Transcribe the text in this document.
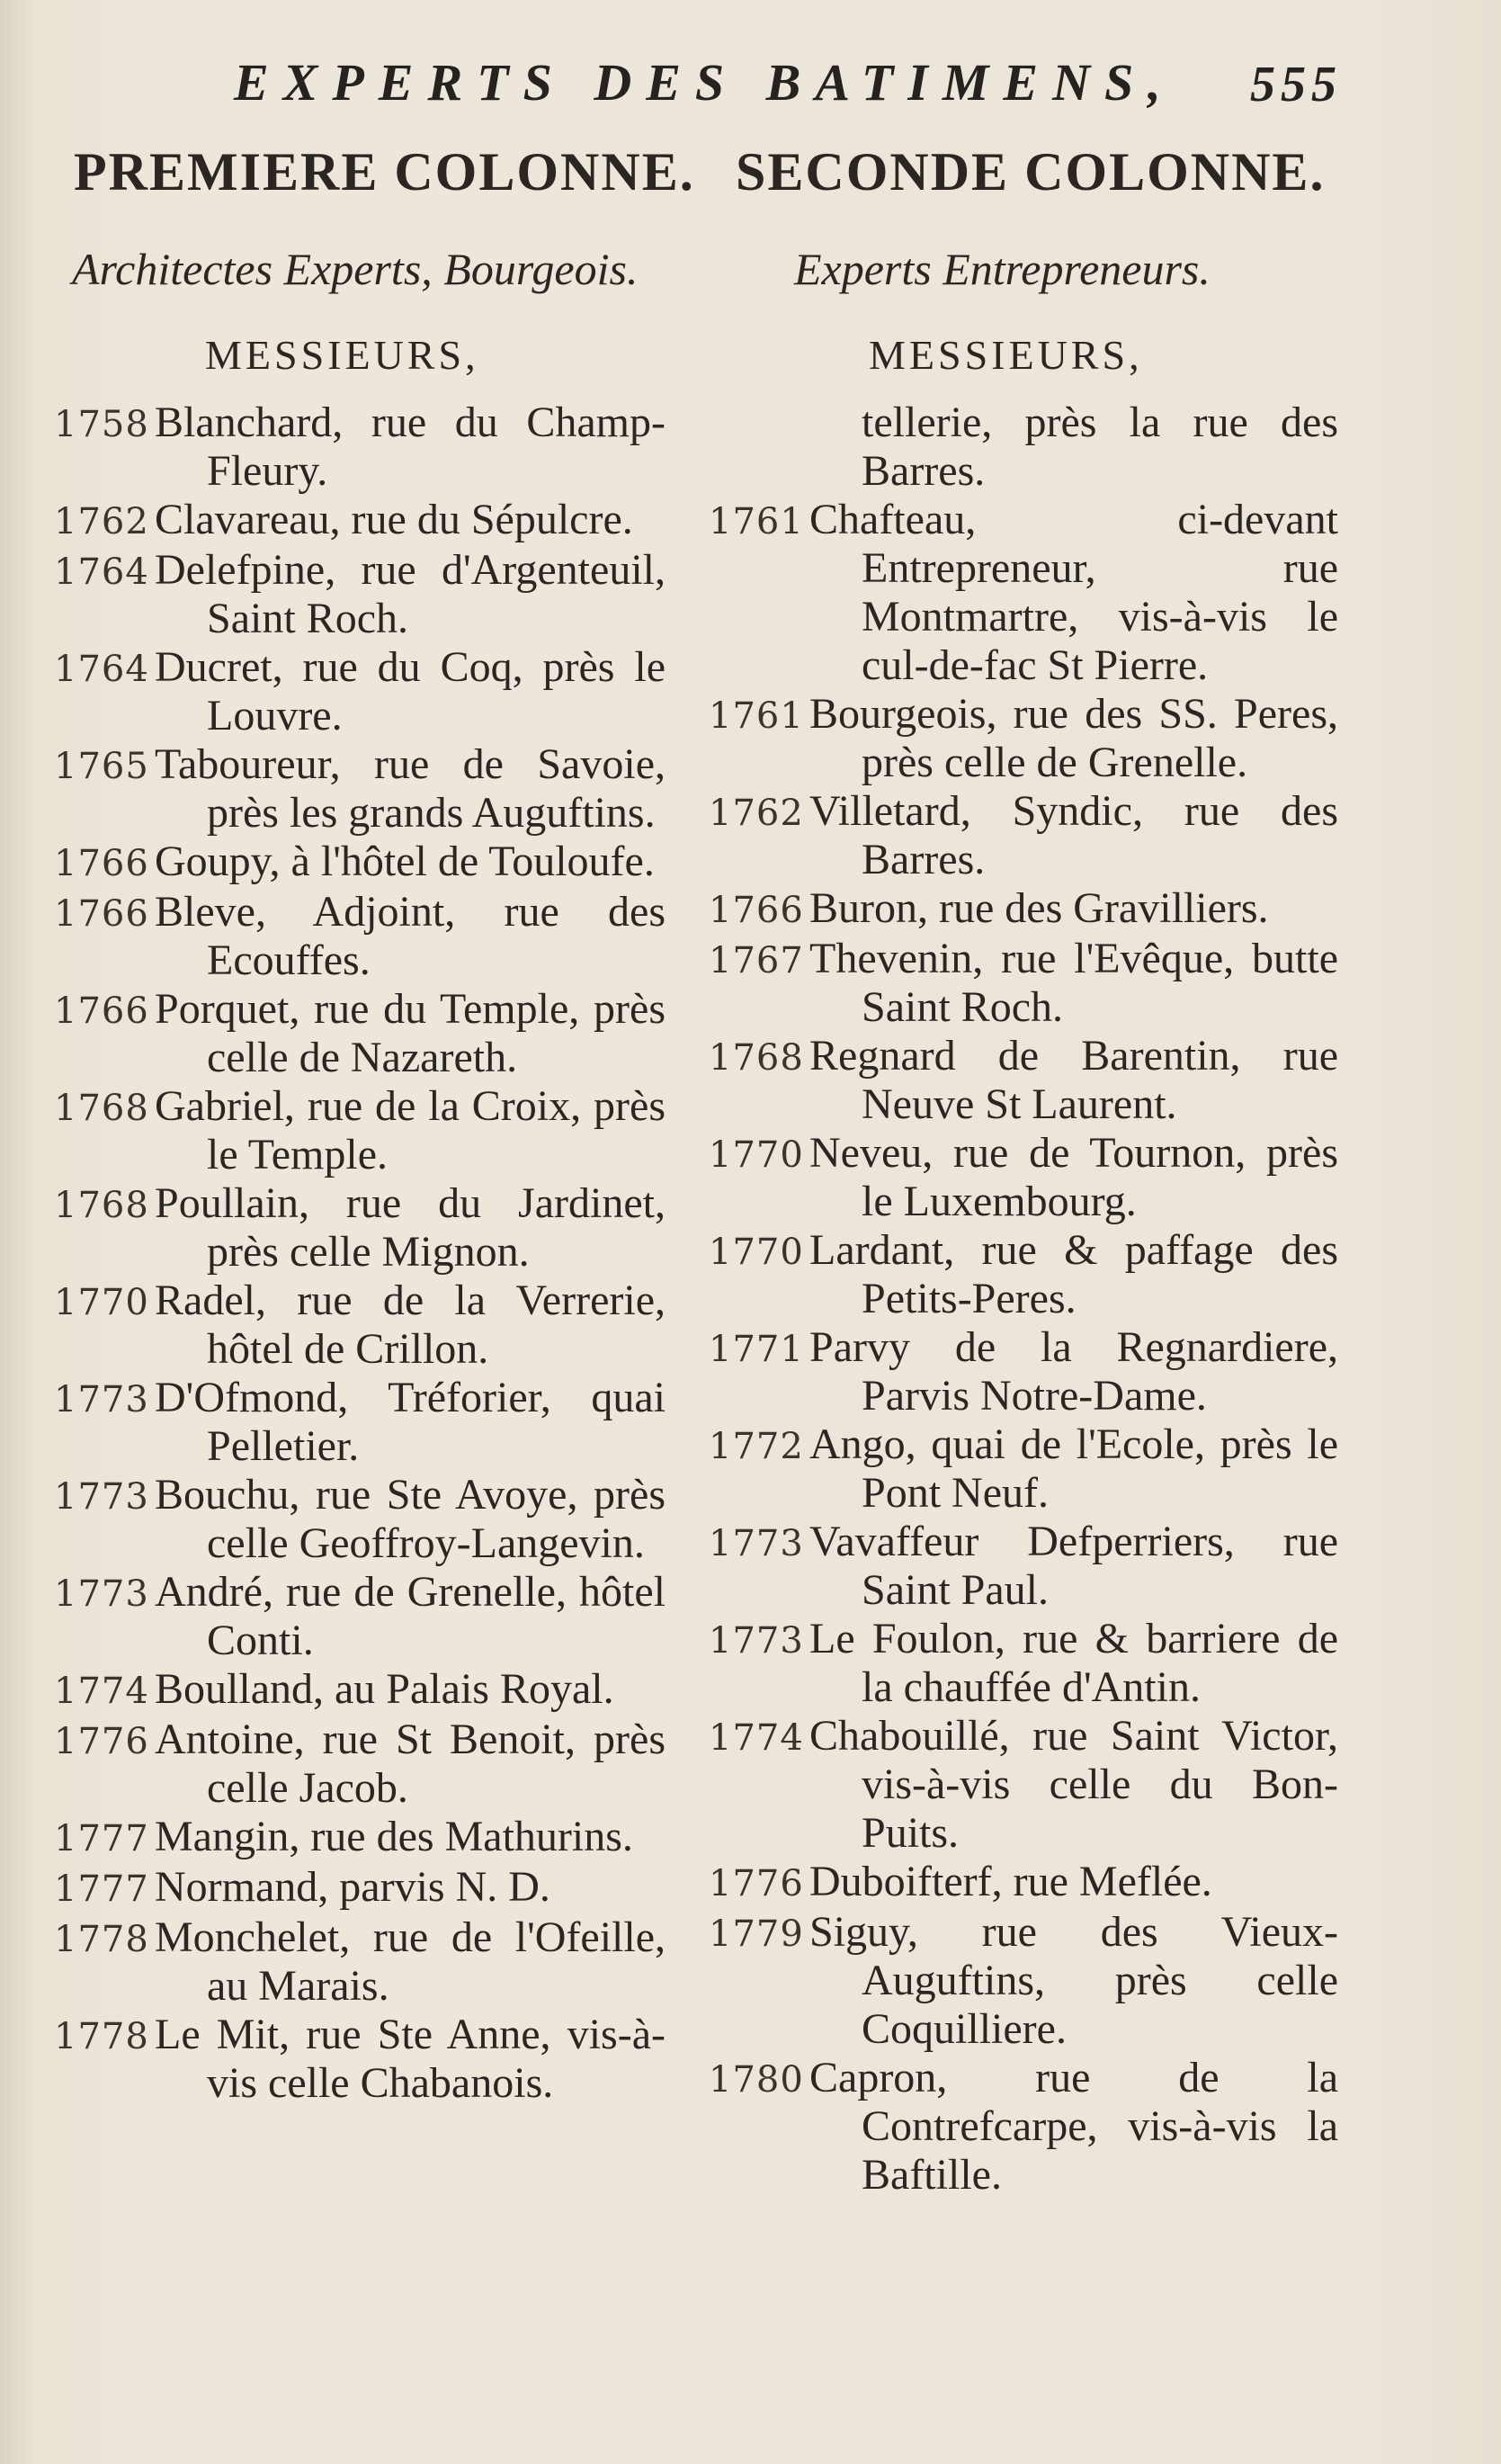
EXPERTS DES BATIMENS,	555
PREMIERE COLONNE.
Architectes Experts, Bourgeois.
MESSIEURS,
1758 Blanchard, rue du Champ-Fleury.
1762 Clavareau, rue du Sépulcre.
1764 Delefpine, rue d'Argenteuil, Saint Roch.
1764 Ducret, rue du Coq, près le Louvre.
1765 Taboureur, rue de Savoie, près les grands Auguftins.
1766 Goupy, à l'hôtel de Touloufe.
1766 Bleve, Adjoint, rue des Ecouffes.
1766 Porquet, rue du Temple, près celle de Nazareth.
1768 Gabriel, rue de la Croix, près le Temple.
1768 Poullain, rue du Jardinet, près celle Mignon.
1770 Radel, rue de la Verrerie, hôtel de Crillon.
1773 D'Ofmond, Tréforier, quai Pelletier.
1773 Bouchu, rue Ste Avoye, près celle Geoffroy-Langevin.
1773 André, rue de Grenelle, hôtel Conti.
1774 Boulland, au Palais Royal.
1776 Antoine, rue St Benoit, près celle Jacob.
1777 Mangin, rue des Mathurins.
1777 Normand, parvis N. D.
1778 Monchelet, rue de l'Ofeille, au Marais.
1778 Le Mit, rue Ste Anne, vis-à-vis celle Chabanois.
SECONDE COLONNE.
Experts Entrepreneurs.
MESSIEURS,
tellerie, près la rue des Barres.
1761 Chafteau, ci-devant Entrepreneur, rue Montmartre, vis-à-vis le cul-de-fac St Pierre.
1761 Bourgeois, rue des SS. Peres, près celle de Grenelle.
1762 Villetard, Syndic, rue des Barres.
1766 Buron, rue des Gravilliers.
1767 Thevenin, rue l'Evêque, butte Saint Roch.
1768 Regnard de Barentin, rue Neuve St Laurent.
1770 Neveu, rue de Tournon, près le Luxembourg.
1770 Lardant, rue & paffage des Petits-Peres.
1771 Parvy de la Regnardiere, Parvis Notre-Dame.
1772 Ango, quai de l'Ecole, près le Pont Neuf.
1773 Vavaffeur Defperriers, rue Saint Paul.
1773 Le Foulon, rue & barriere de la chauffée d'Antin.
1774 Chabouillé, rue Saint Victor, vis-à-vis celle du Bon-Puits.
1776 Duboifterf, rue Meflée.
1779 Siguy, rue des Vieux-Auguftins, près celle Coquilliere.
1780 Capron, rue de la Contrefcarpe, vis-à-vis la Baftille.
